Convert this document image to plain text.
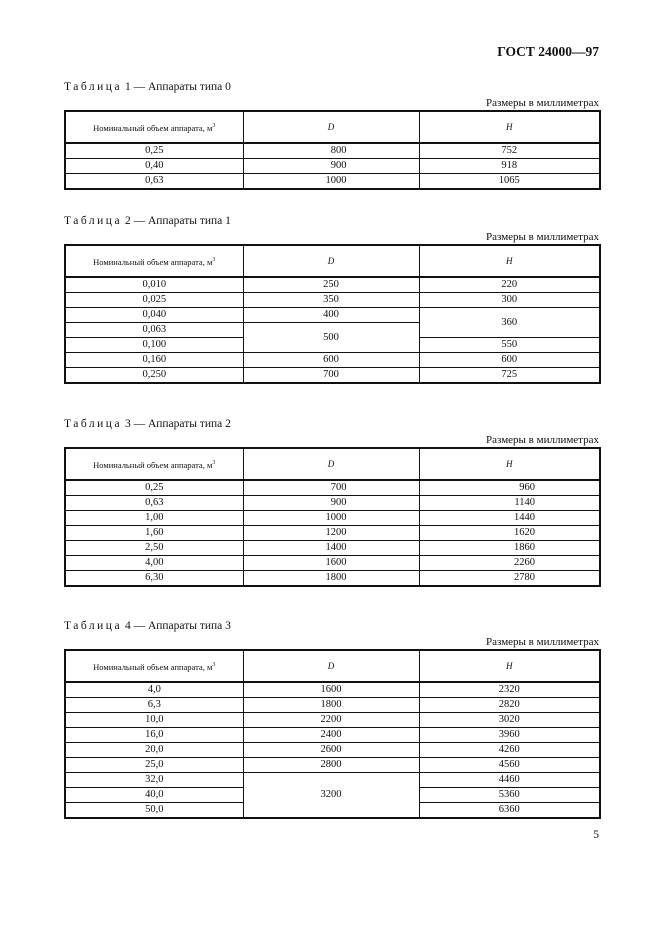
ГОСТ 24000—97
Таблица 1 — Аппараты типа 0
Размеры в миллиметрах
Номинальный объем аппарата, $м^3$	D	H
0,25	800	752
0,40	900	918
0,63	1000	1065
Таблица 2 — Аппараты типа 1
Размеры в миллиметрах
Номинальный объем аппарата, $м^3$	D	H
0,010	250	220
0,025	350	300
0,040	400	360
0,063	500	
0,100		550
0,160	600	600
0,250	700	725
Таблица 3 — Аппараты типа 2
Размеры в миллиметрах
Номинальный объем аппарата, $м^3$	D	H
0,25	700	960
0,63	900	1140
1,00	1000	1440
1,60	1200	1620
2,50	1400	1860
4,00	1600	2260
6,30	1800	2780
Таблица 4 — Аппараты типа 3
Размеры в миллиметрах
Номинальный объем аппарата, $м^3$	D	H
4,0	1600	2320
6,3	1800	2820
10,0	2200	3020
16,0	2400	3960
20,0	2600	4260
25,0	2800	4560
32,0	3200	4460
40,0		5360
50,0		6360
5
